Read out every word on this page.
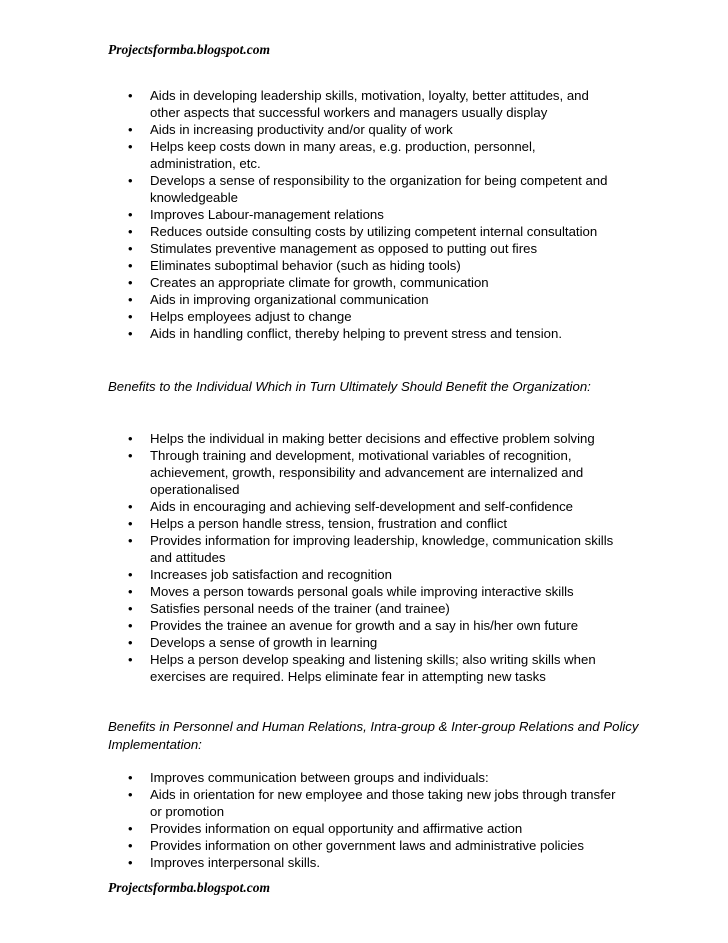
Projectsformba.blogspot.com
• Aids in developing leadership skills, motivation, loyalty, better attitudes, and other aspects that successful workers and managers usually display
• Aids in increasing productivity and/or quality of work
• Helps keep costs down in many areas, e.g. production, personnel, administration, etc.
• Develops a sense of responsibility to the organization for being competent and knowledgeable
• Improves Labour-management relations
• Reduces outside consulting costs by utilizing competent internal consultation
• Stimulates preventive management as opposed to putting out fires
• Eliminates suboptimal behavior (such as hiding tools)
• Creates an appropriate climate for growth, communication
• Aids in improving organizational communication
• Helps employees adjust to change
• Aids in handling conflict, thereby helping to prevent stress and tension.
Benefits to the Individual Which in Turn Ultimately Should Benefit the Organization:
• Helps the individual in making better decisions and effective problem solving
• Through training and development, motivational variables of recognition, achievement, growth, responsibility and advancement are internalized and operationalised
• Aids in encouraging and achieving self-development and self-confidence
• Helps a person handle stress, tension, frustration and conflict
• Provides information for improving leadership, knowledge, communication skills and attitudes
• Increases job satisfaction and recognition
• Moves a person towards personal goals while improving interactive skills
• Satisfies personal needs of the trainer (and trainee)
• Provides the trainee an avenue for growth and a say in his/her own future
• Develops a sense of growth in learning
• Helps a person develop speaking and listening skills; also writing skills when exercises are required. Helps eliminate fear in attempting new tasks
Benefits in Personnel and Human Relations, Intra-group & Inter-group Relations and Policy Implementation:
• Improves communication between groups and individuals:
• Aids in orientation for new employee and those taking new jobs through transfer or promotion
• Provides information on equal opportunity and affirmative action
• Provides information on other government laws and administrative policies
• Improves interpersonal skills.
Projectsformba.blogspot.com
